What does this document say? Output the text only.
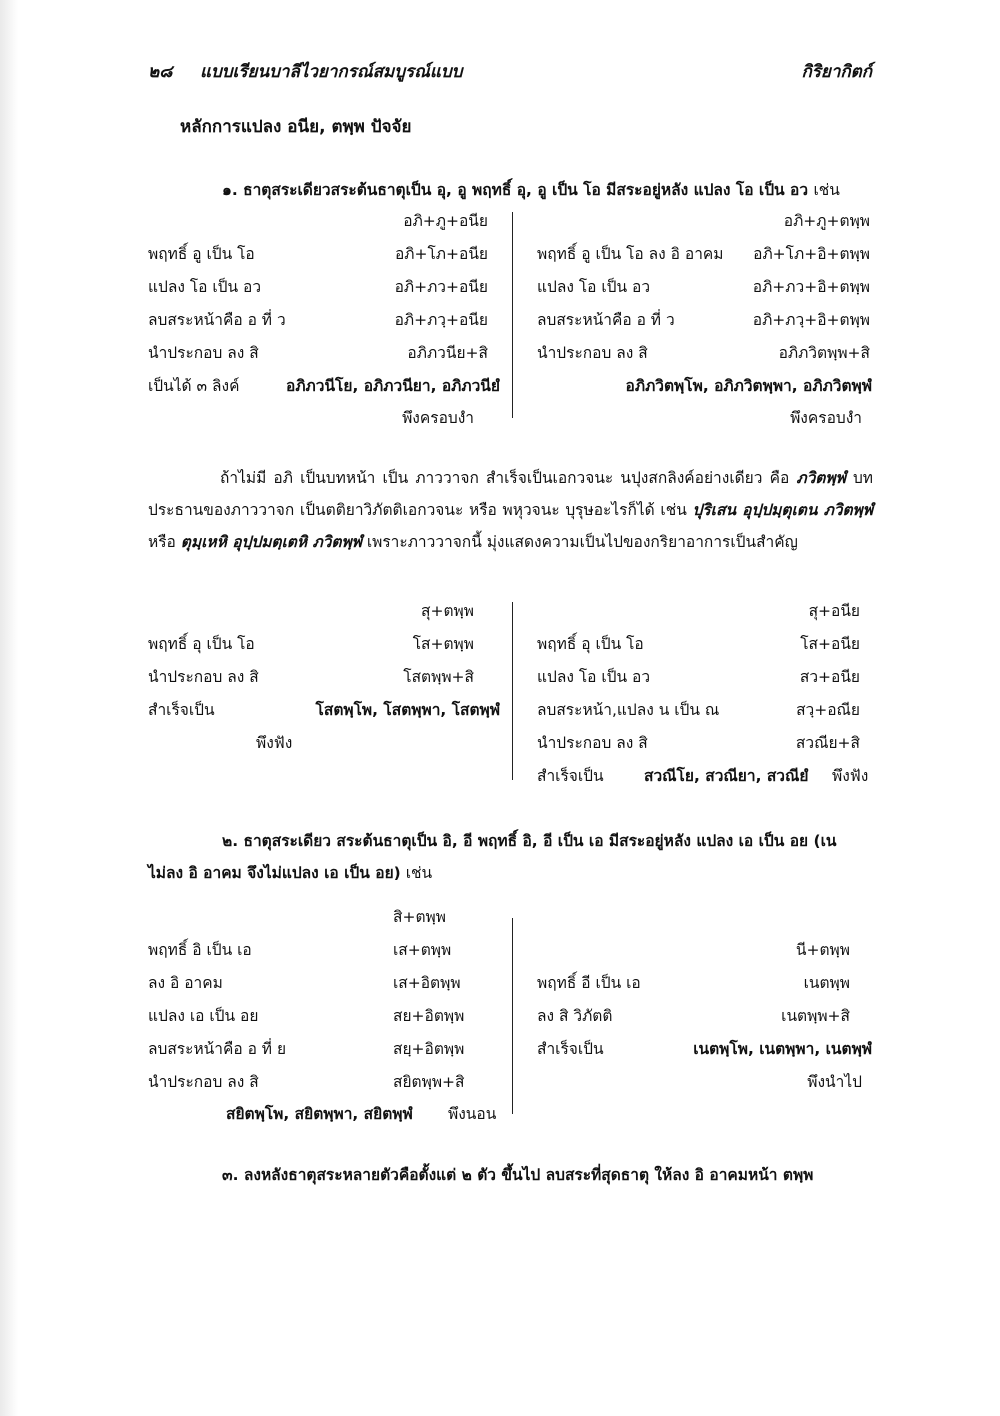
๒๘ แบบเรียนบาลีไวยากรณ์สมบูรณ์แบบ	กิริยากิตก์
หลักการแปลง อนีย, ตพฺพ ปัจจัย
๑. ธาตุสระเดียวสระต้นธาตุเป็น อุ, อู พฤทธิ์ อุ, อู เป็น โอ มีสระอยู่หลัง แปลง โอ เป็น อว เช่น
อภิ+ภู+อนีย
พฤทธิ์ อู เป็น โอ	อภิ+โภ+อนีย
แปลง โอ เป็น อว	อภิ+ภว+อนีย
ลบสระหน้าคือ อ ที่ ว	อภิ+ภวฺ+อนีย
นำประกอบ ลง สิ	อภิภวนีย+สิ
เป็นได้ ๓ ลิงค์	อภิภวนีโย, อภิภวนียา, อภิภวนียํ
พึงครอบงำ
อภิ+ภู+ตพฺพ
พฤทธิ์ อู เป็น โอ ลง อิ อาคม อภิ+โภ+อิ+ตพฺพ
แปลง โอ เป็น อว	อภิ+ภว+อิ+ตพฺพ
ลบสระหน้าคือ อ ที่ ว	อภิ+ภวฺ+อิ+ตพฺพ
นำประกอบ ลง สิ	อภิภวิตพฺพ+สิ
อภิภวิตพฺโพ, อภิภวิตพฺพา, อภิภวิตพฺพํ
พึงครอบงำ
ถ้าไม่มี อภิ เป็นบทหน้า เป็น ภาววาจก สำเร็จเป็นเอกวจนะ นปุงสกลิงค์อย่างเดียว คือ ภวิตพฺพํ บทประธานของภาววาจก เป็นตติยาวิภัตติเอกวจนะ หรือ พหุวจนะ บุรุษอะไรก็ได้ เช่น ปุริเสน อุปฺปมฺตุเตน ภวิตพฺพํ หรือ ตุมฺเหหิ อุปฺปมตฺเตหิ ภวิตพฺพํ เพราะภาววาจกนี้ มุ่งแสดงความเป็นไปของกริยาอาการเป็นสำคัญ
สุ+ตพฺพ
พฤทธิ์ อุ เป็น โอ	โส+ตพฺพ
นำประกอบ ลง สิ	โสตพฺพ+สิ
สำเร็จเป็น	โสตพฺโพ, โสตพฺพา, โสตพฺพํ
พึงฟัง
สุ+อนีย
พฤทธิ์ อุ เป็น โอ	โส+อนีย
แปลง โอ เป็น อว	สว+อนีย
ลบสระหน้า,แปลง น เป็น ณ	สวฺ+อณีย
นำประกอบ ลง สิ	สวณีย+สิ
สำเร็จเป็น	สวณีโย, สวณียา, สวณียํ พึงฟัง
๒. ธาตุสระเดียว สระต้นธาตุเป็น อิ, อี พฤทธิ์ อิ, อี เป็น เอ มีสระอยู่หลัง แปลง เอ เป็น อย (เน
ไม่ลง อิ อาคม จึงไม่แปลง เอ เป็น อย) เช่น
สิ+ตพฺพ
พฤทธิ์ อิ เป็น เอ	เส+ตพฺพ
ลง อิ อาคม	เส+อิตพฺพ
แปลง เอ เป็น อย	สย+อิตพฺพ
ลบสระหน้าคือ อ ที่ ย	สยฺ+อิตพฺพ
นำประกอบ ลง สิ	สยิตพฺพ+สิ
สยิตพฺโพ, สยิตพฺพา, สยิตพฺพํ พึงนอน
นี+ตพฺพ
พฤทธิ์ อี เป็น เอ	เนตพฺพ
ลง สิ วิภัตติ	เนตพฺพ+สิ
สำเร็จเป็น	เนตพฺโพ, เนตพฺพา, เนตพฺพํ
พึงนำไป
๓. ลงหลังธาตุสระหลายตัวคือตั้งแต่ ๒ ตัว ขึ้นไป ลบสระที่สุดธาตุ ให้ลง อิ อาคมหน้า ตพฺพ
